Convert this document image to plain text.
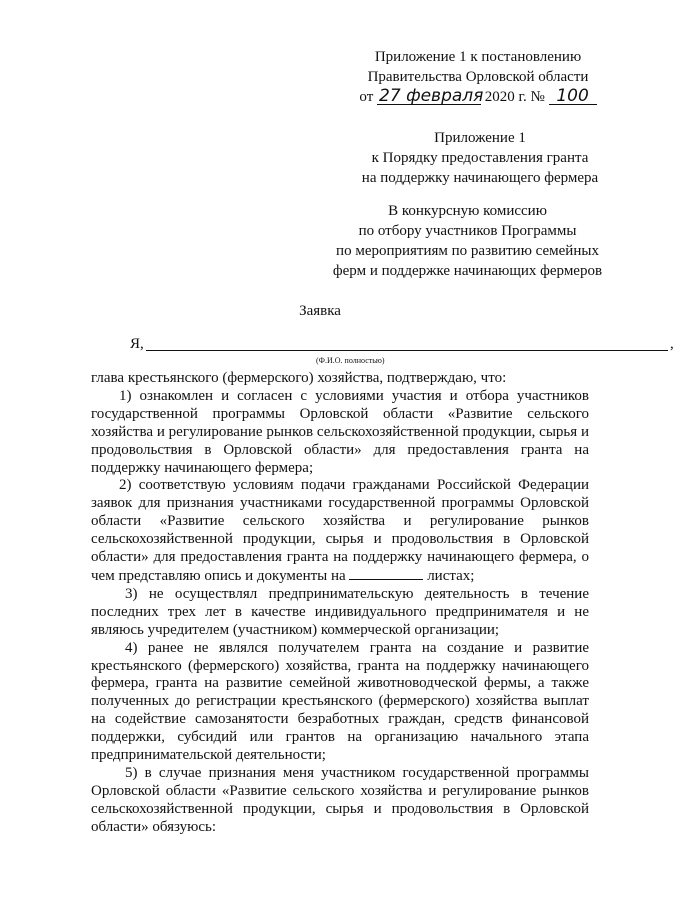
Приложение 1 к постановлению
Правительства Орловской области
от 27 февраля 2020 г. № 100
Приложение 1
к Порядку предоставления гранта
на поддержку начинающего фермера
В конкурсную комиссию
по отбору участников Программы
по мероприятиям по развитию семейных
ферм и поддержке начинающих фермеров
Заявка
Я,	,
(Ф.И.О. полностью)

глава крестьянского (фермерского) хозяйства, подтверждаю, что:

1) ознакомлен и согласен с условиями участия и отбора участников государственной программы Орловской области «Развитие сельского хозяйства и регулирование рынков сельскохозяйственной продукции, сырья и продовольствия в Орловской области» для предоставления гранта на поддержку начинающего фермера;

2) соответствую условиям подачи гражданами Российской Федерации заявок для признания участниками государственной программы Орловской области «Развитие сельского хозяйства и регулирование рынков сельскохозяйственной продукции, сырья и продовольствия в Орловской области» для предоставления гранта на поддержку начинающего фермера, о чем представляю опись и документы на	листах;

3) не осуществлял предпринимательскую деятельность в течение последних трех лет в качестве индивидуального предпринимателя и не являюсь учредителем (участником) коммерческой организации;

4) ранее не являлся получателем гранта на создание и развитие крестьянского (фермерского) хозяйства, гранта на поддержку начинающего фермера, гранта на развитие семейной животноводческой фермы, а также полученных до регистрации крестьянского (фермерского) хозяйства выплат на содействие самозанятости безработных граждан, средств финансовой поддержки, субсидий или грантов на организацию начального этапа предпринимательской деятельности;

5) в случае признания меня участником государственной программы Орловской области «Развитие сельского хозяйства и регулирование рынков сельскохозяйственной продукции, сырья и продовольствия в Орловской области» обязуюсь:
